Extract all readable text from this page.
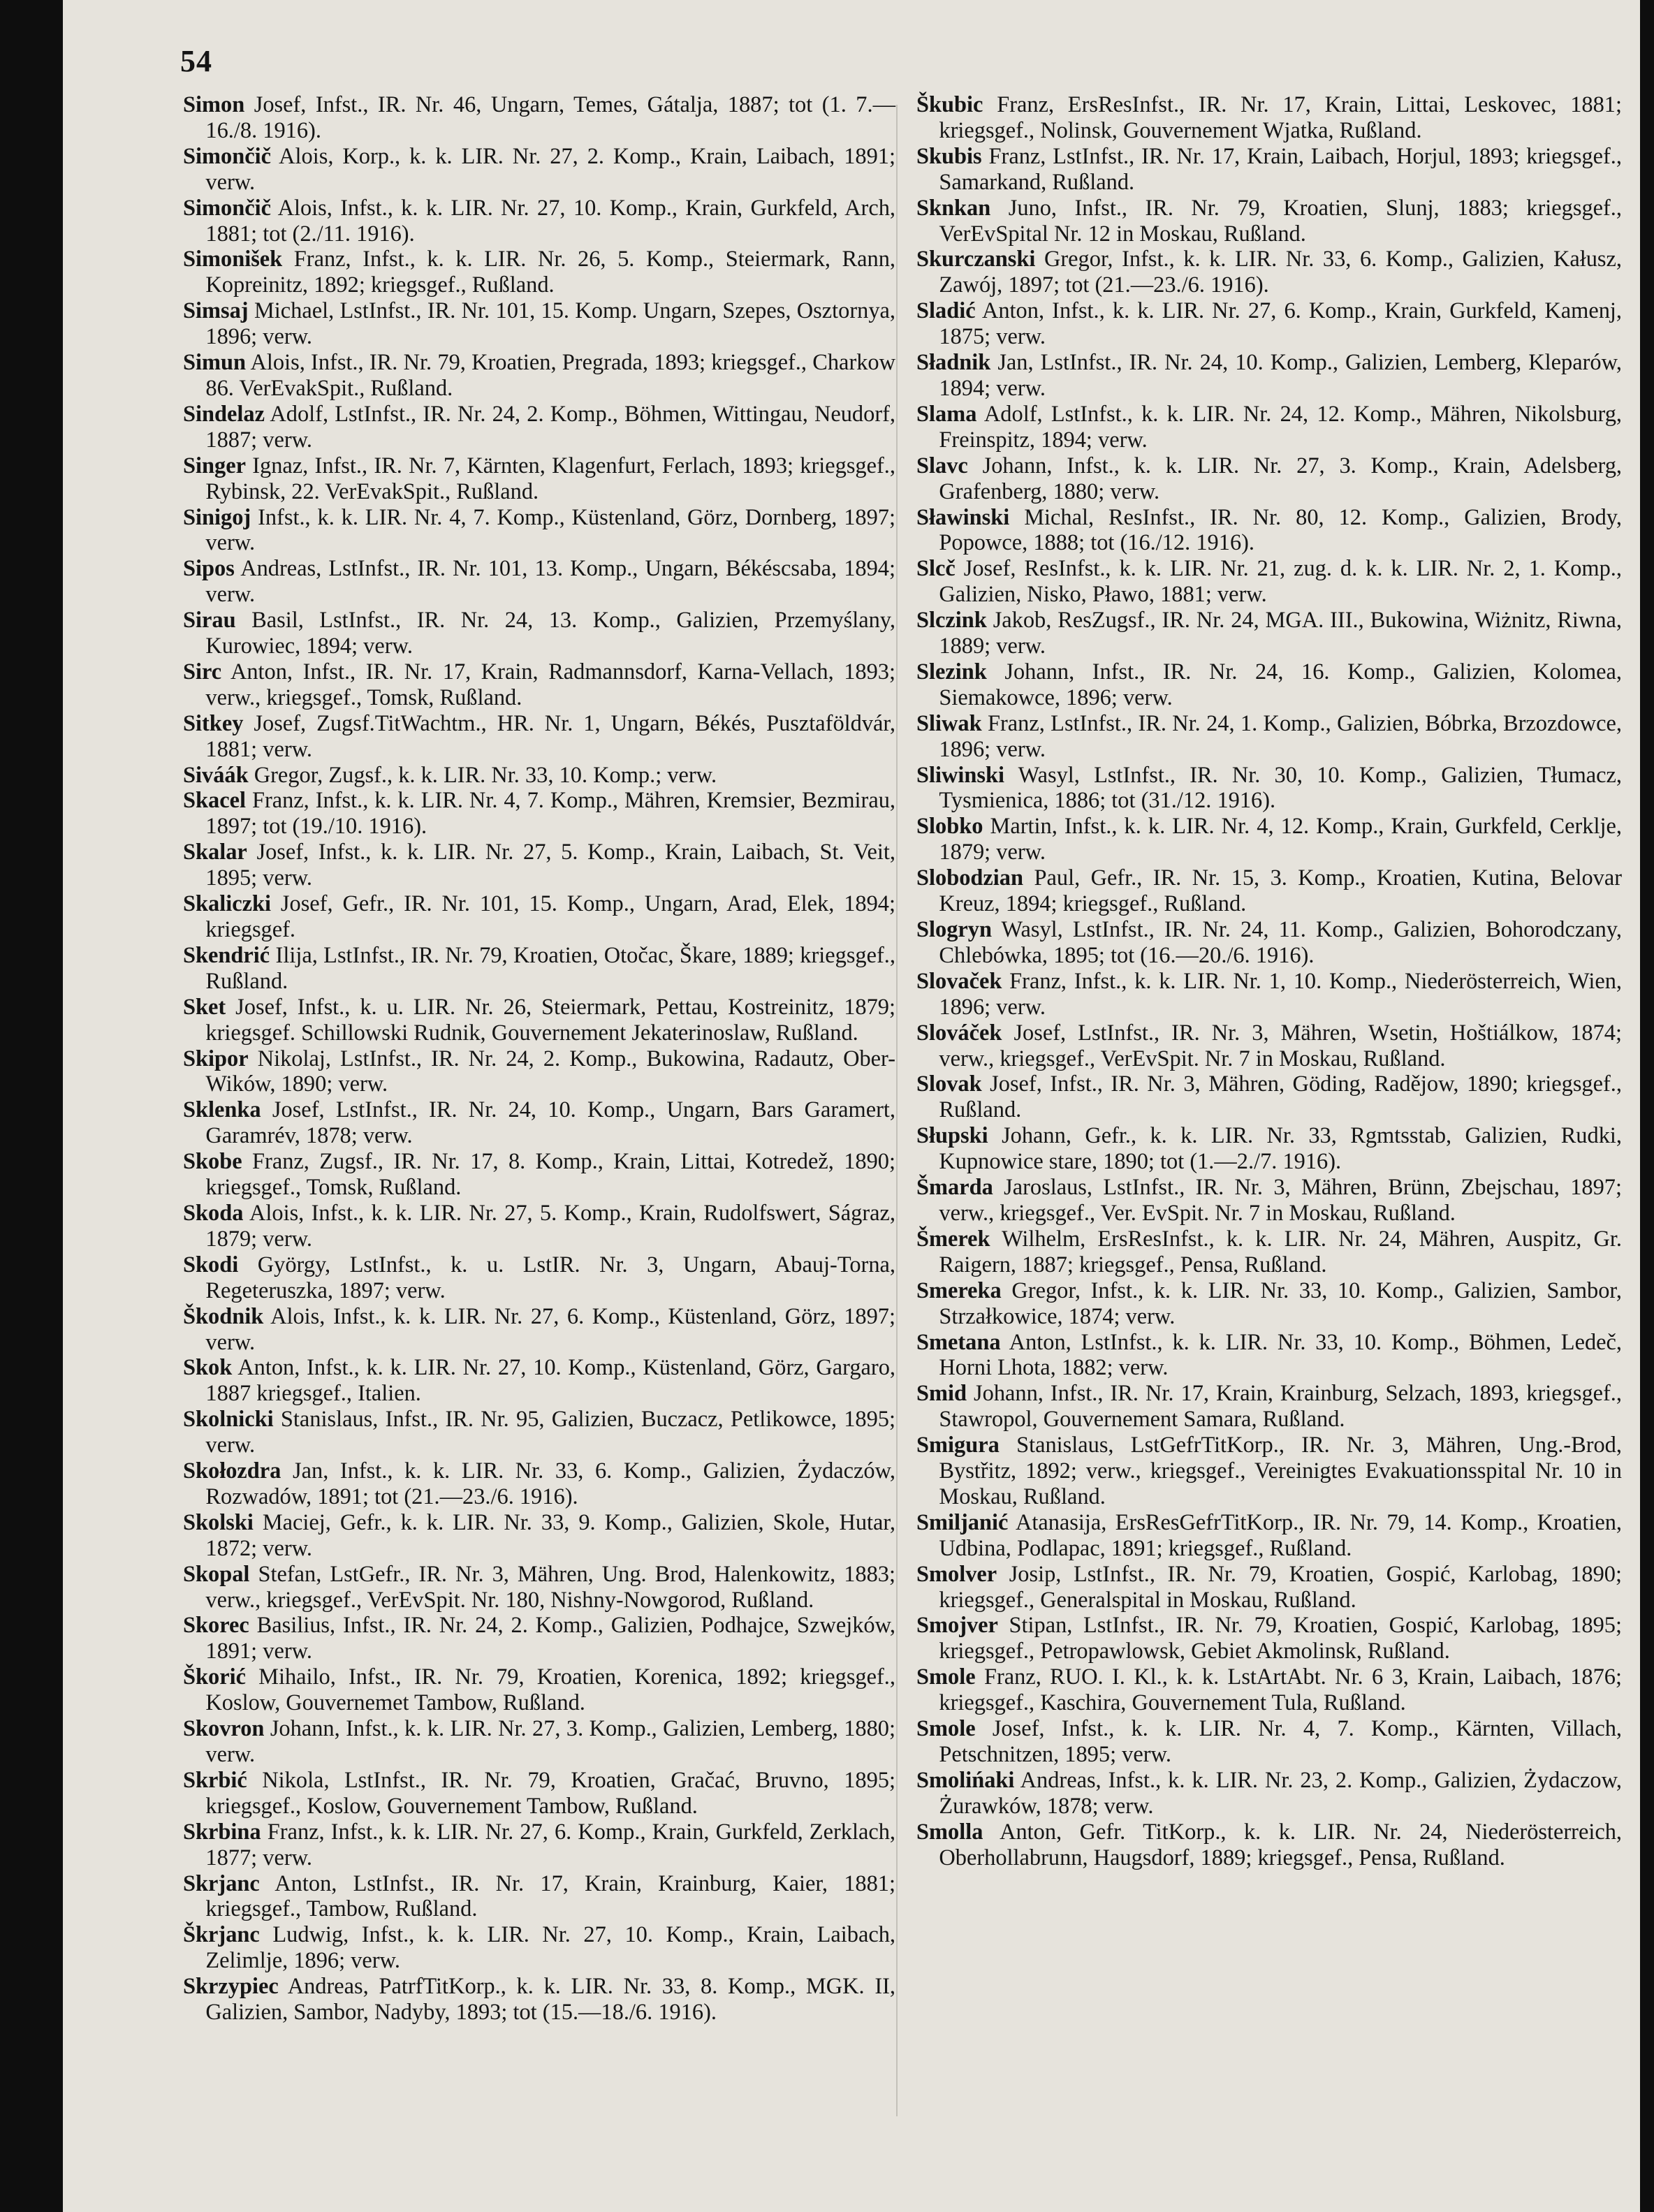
54

Simon Josef, Infst., IR. Nr. 46, Ungarn, Temes, Gátalja, 1887; tot (1. 7.—16./8. 1916).

Simončič Alois, Korp., k. k. LIR. Nr. 27, 2. Komp., Krain, Laibach, 1891; verw.

Simončič Alois, Infst., k. k. LIR. Nr. 27, 10. Komp., Krain, Gurkfeld, Arch, 1881; tot (2./11. 1916).

Simonišek Franz, Infst., k. k. LIR. Nr. 26, 5. Komp., Steiermark, Rann, Kopreinitz, 1892; kriegsgef., Rußland.

Simsaj Michael, LstInfst., IR. Nr. 101, 15. Komp. Ungarn, Szepes, Osztornya, 1896; verw.

Simun Alois, Infst., IR. Nr. 79, Kroatien, Pregrada, 1893; kriegsgef., Charkow 86. VerEvakSpit., Rußland.

Sindelaz Adolf, LstInfst., IR. Nr. 24, 2. Komp., Böhmen, Wittingau, Neudorf, 1887; verw.

Singer Ignaz, Infst., IR. Nr. 7, Kärnten, Klagenfurt, Ferlach, 1893; kriegsgef., Rybinsk, 22. VerEvakSpit., Rußland.

Sinigoj Infst., k. k. LIR. Nr. 4, 7. Komp., Küstenland, Görz, Dornberg, 1897; verw.

Sipos Andreas, LstInfst., IR. Nr. 101, 13. Komp., Ungarn, Békéscsaba, 1894; verw.

Sirau Basil, LstInfst., IR. Nr. 24, 13. Komp., Galizien, Przemyślany, Kurowiec, 1894; verw.

Sirc Anton, Infst., IR. Nr. 17, Krain, Radmannsdorf, Karna-Vellach, 1893; verw., kriegsgef., Tomsk, Rußland.

Sitkey Josef, Zugsf.TitWachtm., HR. Nr. 1, Ungarn, Békés, Pusztaföldvár, 1881; verw.

Siváák Gregor, Zugsf., k. k. LIR. Nr. 33, 10. Komp.; verw.

Skacel Franz, Infst., k. k. LIR. Nr. 4, 7. Komp., Mähren, Kremsier, Bezmirau, 1897; tot (19./10. 1916).

Skalar Josef, Infst., k. k. LIR. Nr. 27, 5. Komp., Krain, Laibach, St. Veit, 1895; verw.

Skaliczki Josef, Gefr., IR. Nr. 101, 15. Komp., Ungarn, Arad, Elek, 1894; kriegsgef.

Skendrić Ilija, LstInfst., IR. Nr. 79, Kroatien, Otočac, Škare, 1889; kriegsgef., Rußland.

Sket Josef, Infst., k. u. LIR. Nr. 26, Steiermark, Pettau, Kostreinitz, 1879; kriegsgef. Schillowski Rudnik, Gouvernement Jekaterinoslaw, Rußland.

Skipor Nikolaj, LstInfst., IR. Nr. 24, 2. Komp., Bukowina, Radautz, Ober-Wików, 1890; verw.

Sklenka Josef, LstInfst., IR. Nr. 24, 10. Komp., Ungarn, Bars Garamert, Garamrév, 1878; verw.

Skobe Franz, Zugsf., IR. Nr. 17, 8. Komp., Krain, Littai, Kotredež, 1890; kriegsgef., Tomsk, Rußland.

Skoda Alois, Infst., k. k. LIR. Nr. 27, 5. Komp., Krain, Rudolfswert, Ságraz, 1879; verw.

Skodi György, LstInfst., k. u. LstIR. Nr. 3, Ungarn, Abauj-Torna, Regeteruszka, 1897; verw.

Škodnik Alois, Infst., k. k. LIR. Nr. 27, 6. Komp., Küstenland, Görz, 1897; verw.

Skok Anton, Infst., k. k. LIR. Nr. 27, 10. Komp., Küstenland, Görz, Gargaro, 1887 kriegsgef., Italien.

Skolnicki Stanislaus, Infst., IR. Nr. 95, Galizien, Buczacz, Petlikowce, 1895; verw.

Skołozdra Jan, Infst., k. k. LIR. Nr. 33, 6. Komp., Galizien, Żydaczów, Rozwadów, 1891; tot (21.—23./6. 1916).

Skolski Maciej, Gefr., k. k. LIR. Nr. 33, 9. Komp., Galizien, Skole, Hutar, 1872; verw.

Skopal Stefan, LstGefr., IR. Nr. 3, Mähren, Ung. Brod, Halenkowitz, 1883; verw., kriegsgef., VerEvSpit. Nr. 180, Nishny-Nowgorod, Rußland.

Skorec Basilius, Infst., IR. Nr. 24, 2. Komp., Galizien, Podhajce, Szwejków, 1891; verw.

Škorić Mihailo, Infst., IR. Nr. 79, Kroatien, Korenica, 1892; kriegsgef., Koslow, Gouvernemet Tambow, Rußland.

Skovron Johann, Infst., k. k. LIR. Nr. 27, 3. Komp., Galizien, Lemberg, 1880; verw.

Skrbić Nikola, LstInfst., IR. Nr. 79, Kroatien, Gračać, Bruvno, 1895; kriegsgef., Koslow, Gouvernement Tambow, Rußland.

Skrbina Franz, Infst., k. k. LIR. Nr. 27, 6. Komp., Krain, Gurkfeld, Zerklach, 1877; verw.

Skrjanc Anton, LstInfst., IR. Nr. 17, Krain, Krainburg, Kaier, 1881; kriegsgef., Tambow, Rußland.

Škrjanc Ludwig, Infst., k. k. LIR. Nr. 27, 10. Komp., Krain, Laibach, Zelimlje, 1896; verw.

Skrzypiec Andreas, PatrfTitKorp., k. k. LIR. Nr. 33, 8. Komp., MGK. II, Galizien, Sambor, Nadyby, 1893; tot (15.—18./6. 1916).

Škubic Franz, ErsResInfst., IR. Nr. 17, Krain, Littai, Leskovec, 1881; kriegsgef., Nolinsk, Gouvernement Wjatka, Rußland.

Skubis Franz, LstInfst., IR. Nr. 17, Krain, Laibach, Horjul, 1893; kriegsgef., Samarkand, Rußland.

Sknkan Juno, Infst., IR. Nr. 79, Kroatien, Slunj, 1883; kriegsgef., VerEvSpital Nr. 12 in Moskau, Rußland.

Skurczanski Gregor, Infst., k. k. LIR. Nr. 33, 6. Komp., Galizien, Kałusz, Zawój, 1897; tot (21.—23./6. 1916).

Sladić Anton, Infst., k. k. LIR. Nr. 27, 6. Komp., Krain, Gurkfeld, Kamenj, 1875; verw.

Sładnik Jan, LstInfst., IR. Nr. 24, 10. Komp., Galizien, Lemberg, Kleparów, 1894; verw.

Slama Adolf, LstInfst., k. k. LIR. Nr. 24, 12. Komp., Mähren, Nikolsburg, Freinspitz, 1894; verw.

Slavc Johann, Infst., k. k. LIR. Nr. 27, 3. Komp., Krain, Adelsberg, Grafenberg, 1880; verw.

Sławinski Michal, ResInfst., IR. Nr. 80, 12. Komp., Galizien, Brody, Popowce, 1888; tot (16./12. 1916).

Slcč Josef, ResInfst., k. k. LIR. Nr. 21, zug. d. k. k. LIR. Nr. 2, 1. Komp., Galizien, Nisko, Pławo, 1881; verw.

Slczink Jakob, ResZugsf., IR. Nr. 24, MGA. III., Bukowina, Wiżnitz, Riwna, 1889; verw.

Slezink Johann, Infst., IR. Nr. 24, 16. Komp., Galizien, Kolomea, Siemakowce, 1896; verw.

Sliwak Franz, LstInfst., IR. Nr. 24, 1. Komp., Galizien, Bóbrka, Brzozdowce, 1896; verw.

Sliwinski Wasyl, LstInfst., IR. Nr. 30, 10. Komp., Galizien, Tłumacz, Tysmienica, 1886; tot (31./12. 1916).

Slobko Martin, Infst., k. k. LIR. Nr. 4, 12. Komp., Krain, Gurkfeld, Cerklje, 1879; verw.

Slobodzian Paul, Gefr., IR. Nr. 15, 3. Komp., Kroatien, Kutina, Belovar Kreuz, 1894; kriegsgef., Rußland.

Slogryn Wasyl, LstInfst., IR. Nr. 24, 11. Komp., Galizien, Bohorodczany, Chlebówka, 1895; tot (16.—20./6. 1916).

Slovaček Franz, Infst., k. k. LIR. Nr. 1, 10. Komp., Niederösterreich, Wien, 1896; verw.

Slováček Josef, LstInfst., IR. Nr. 3, Mähren, Wsetin, Hoštiálkow, 1874; verw., kriegsgef., VerEvSpit. Nr. 7 in Moskau, Rußland.

Slovak Josef, Infst., IR. Nr. 3, Mähren, Göding, Radějow, 1890; kriegsgef., Rußland.

Słupski Johann, Gefr., k. k. LIR. Nr. 33, Rgmtsstab, Galizien, Rudki, Kupnowice stare, 1890; tot (1.—2./7. 1916).

Šmarda Jaroslaus, LstInfst., IR. Nr. 3, Mähren, Brünn, Zbejschau, 1897; verw., kriegsgef., Ver. EvSpit. Nr. 7 in Moskau, Rußland.

Šmerek Wilhelm, ErsResInfst., k. k. LIR. Nr. 24, Mähren, Auspitz, Gr. Raigern, 1887; kriegsgef., Pensa, Rußland.

Smereka Gregor, Infst., k. k. LIR. Nr. 33, 10. Komp., Galizien, Sambor, Strzałkowice, 1874; verw.

Smetana Anton, LstInfst., k. k. LIR. Nr. 33, 10. Komp., Böhmen, Ledeč, Horni Lhota, 1882; verw.

Smid Johann, Infst., IR. Nr. 17, Krain, Krainburg, Selzach, 1893, kriegsgef., Stawropol, Gouvernement Samara, Rußland.

Smigura Stanislaus, LstGefrTitKorp., IR. Nr. 3, Mähren, Ung.-Brod, Bystřitz, 1892; verw., kriegsgef., Vereinigtes Evakuationsspital Nr. 10 in Moskau, Rußland.

Smiljanić Atanasija, ErsResGefrTitKorp., IR. Nr. 79, 14. Komp., Kroatien, Udbina, Podlapac, 1891; kriegsgef., Rußland.

Smolver Josip, LstInfst., IR. Nr. 79, Kroatien, Gospić, Karlobag, 1890; kriegsgef., Generalspital in Moskau, Rußland.

Smojver Stipan, LstInfst., IR. Nr. 79, Kroatien, Gospić, Karlobag, 1895; kriegsgef., Petropawlowsk, Gebiet Akmolinsk, Rußland.

Smole Franz, RUO. I. Kl., k. k. LstArtAbt. Nr. 6 3, Krain, Laibach, 1876; kriegsgef., Kaschira, Gouvernement Tula, Rußland.

Smole Josef, Infst., k. k. LIR. Nr. 4, 7. Komp., Kärnten, Villach, Petschnitzen, 1895; verw.

Smolińaki Andreas, Infst., k. k. LIR. Nr. 23, 2. Komp., Galizien, Żydaczow, Żurawków, 1878; verw.

Smolla Anton, Gefr. TitKorp., k. k. LIR. Nr. 24, Niederösterreich, Oberhollabrunn, Haugsdorf, 1889; kriegsgef., Pensa, Rußland.
